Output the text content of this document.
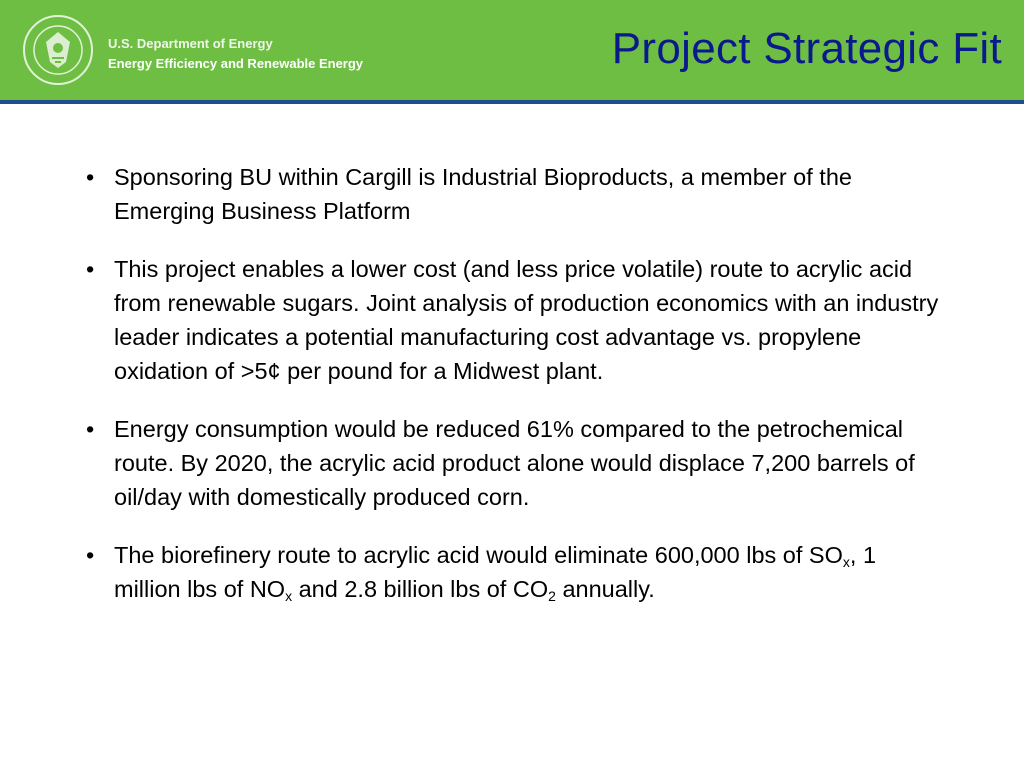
U.S. Department of Energy
Energy Efficiency and Renewable Energy	Project Strategic Fit
• Sponsoring BU within Cargill is Industrial Bioproducts, a member of the Emerging Business Platform
• This project enables a lower cost (and less price volatile) route to acrylic acid from renewable sugars. Joint analysis of production economics with an industry leader indicates a potential manufacturing cost advantage vs. propylene oxidation of >5¢ per pound for a Midwest plant.
• Energy consumption would be reduced 61% compared to the petrochemical route. By 2020, the acrylic acid product alone would displace 7,200 barrels of oil/day with domestically produced corn.
• The biorefinery route to acrylic acid would eliminate 600,000 lbs of $SO_x$, 1 million lbs of $NO_x$ and 2.8 billion lbs of $CO_2$ annually.
